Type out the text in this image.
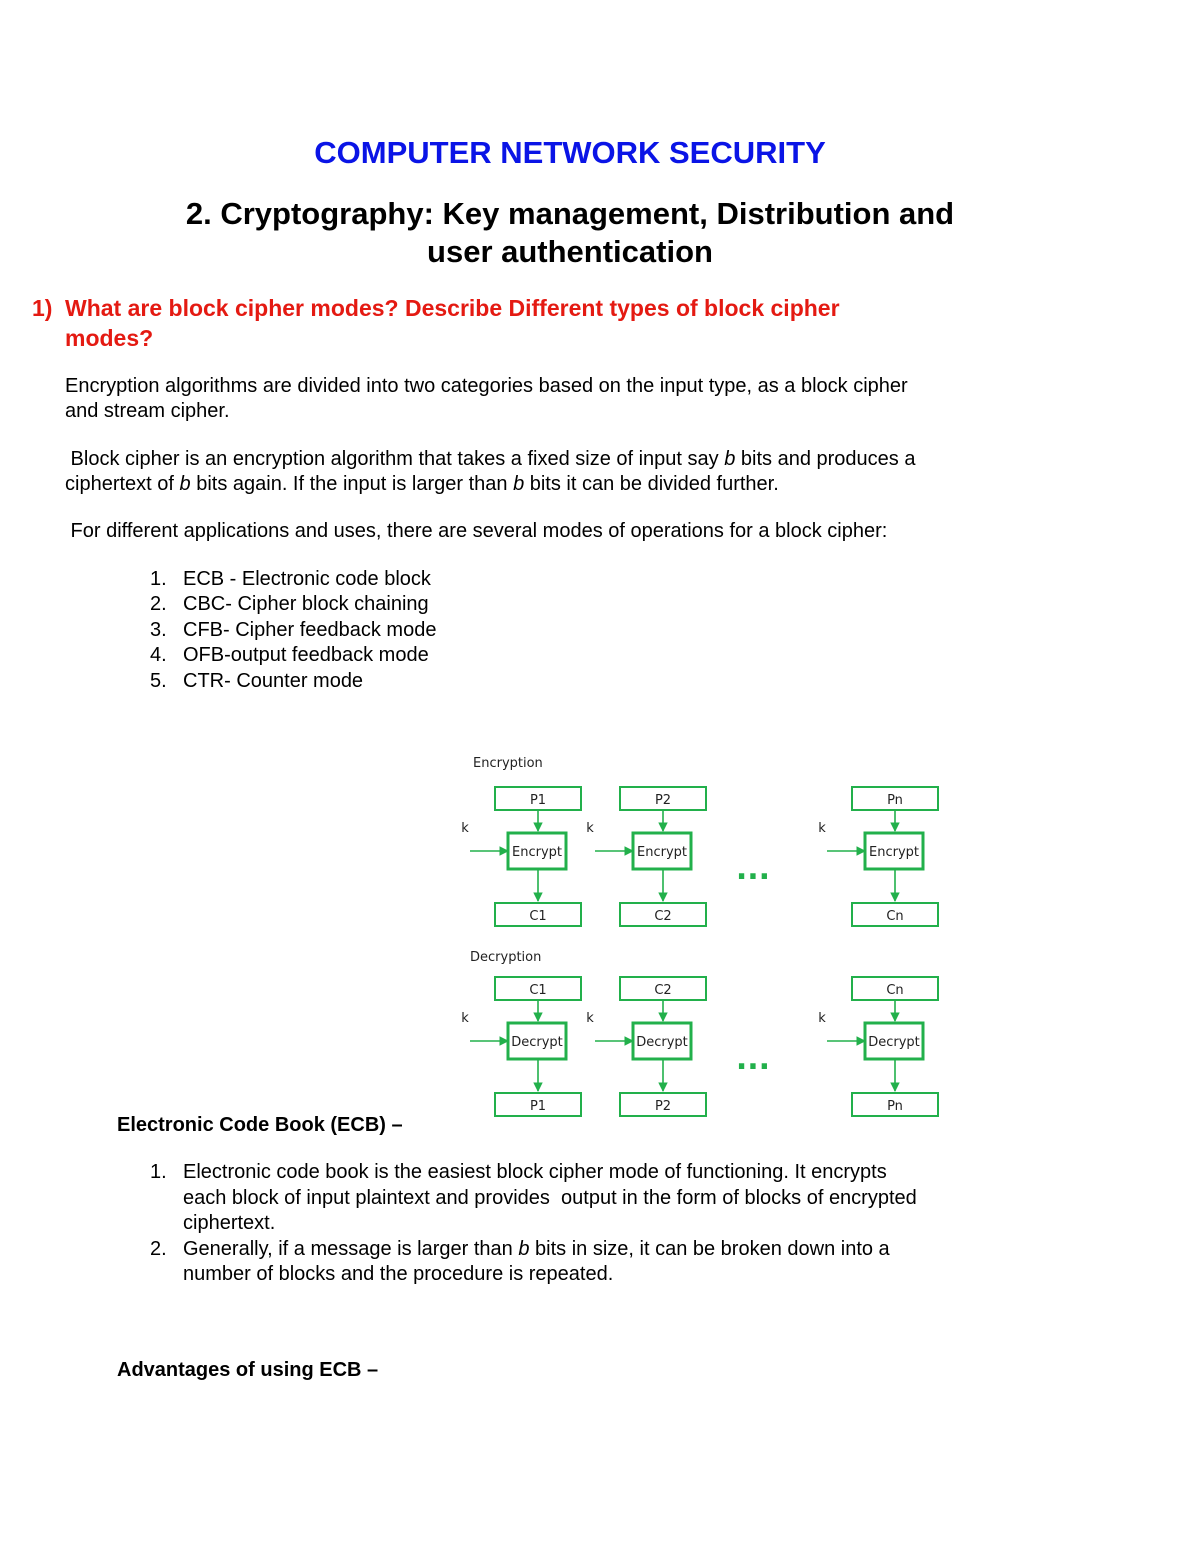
COMPUTER NETWORK SECURITY
2. Cryptography: Key management, Distribution and
user authentication
1) What are block cipher modes? Describe Different types of block cipher
modes?
Encryption algorithms are divided into two categories based on the input type, as a block cipher
and stream cipher.
Block cipher is an encryption algorithm that takes a fixed size of input say b bits and produces a
ciphertext of b bits again. If the input is larger than b bits it can be divided further.
For different applications and uses, there are several modes of operations for a block cipher:
1. ECB - Electronic code block
2. CBC- Cipher block chaining
3. CFB- Cipher feedback mode
4. OFB-output feedback mode
5. CTR- Counter mode
Encryption
Decryption
P1
Encrypt
k
C1
P2
Encrypt
k
C2
Pn
Encrypt
k
Cn
...
C1
Decrypt
k
P1
C2
Decrypt
k
P2
Cn
Decrypt
k
Pn
...
Electronic Code Book (ECB) –
1. Electronic code book is the easiest block cipher mode of functioning. It encrypts
each block of input plaintext and provides  output in the form of blocks of encrypted
ciphertext.
2. Generally, if a message is larger than b bits in size, it can be broken down into a
number of blocks and the procedure is repeated.
Advantages of using ECB –
